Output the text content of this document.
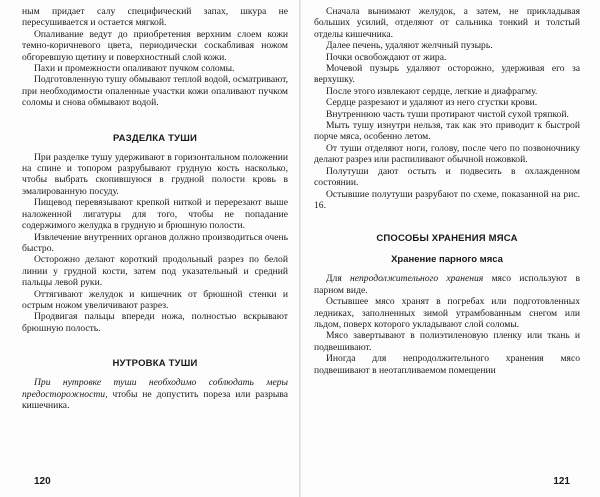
ным придает салу специфический запах, шкура не пересушивается и остается мягкой.

Опаливание ведут до приобретения верхним слоем кожи темно-коричневого цвета, периодически соскабливая ножом обгоревшую щетину и поверхностный слой кожи.

Пахи и промежности опаливают пучком соломы.

Подготовленную тушу обмывают теплой водой, осматривают, при необходимости опаленные участки кожи опаливают пучком соломы и снова обмывают водой.

РАЗДЕЛКА ТУШИ

При разделке тушу удерживают в горизонтальном положении на спине и топором разрубывают грудную кость насколько, чтобы выбрать скопившуюся в грудной полости кровь в эмалированную посуду.

Пищевод перевязывают крепкой ниткой и перерезают выше наложенной лигатуры для того, чтобы не попадание содержимого желудка в грудную и брюшную полости.

Извлечение внутренних органов должно производиться очень быстро.

Осторожно делают короткий продольный разрез по белой линии у грудной кости, затем под указательный и средний пальцы левой руки.

Оттягивают желудок и кишечник от брюшной стенки и острым ножом увеличивают разрез.

Продвигая пальцы впереди ножа, полностью вскрывают брюшную полость.

НУТРОВКА ТУШИ

При нутровке туши необходимо соблюдать меры предосторожности, чтобы не допустить пореза или разрыва кишечника.

120

Сначала вынимают желудок, а затем, не прикладывая больших усилий, отделяют от сальника тонкий и толстый отделы кишечника.

Далее печень, удаляют желчный пузырь.

Почки освобождают от жира.

Мочевой пузырь удаляют осторожно, удерживая его за верхушку.

После этого извлекают сердце, легкие и диафрагму.

Сердце разрезают и удаляют из него сгустки крови.

Внутреннюю часть туши протирают чистой сухой тряпкой.

Мыть тушу изнутри нельзя, так как это приводит к быстрой порче мяса, особенно летом.

От туши отделяют ноги, голову, после чего по позвоночнику делают разрез или распиливают обычной ножовкой.

Полутуши дают остыть и подвесить в охлажденном состоянии.

Остывшие полутуши разрубают по схеме, показанной на рис. 16.

СПОСОБЫ ХРАНЕНИЯ МЯСА
Хранение парного мяса

Для непродолжительного хранения мясо используют в парном виде.

Остывшее мясо хранят в погребах или подготовленных ледниках, заполненных зимой утрамбованным снегом или льдом, поверх которого укладывают слой соломы.

Мясо завертывают в полиэтиленовую пленку или ткань и подвешивают.

Иногда для непродолжительного хранения мясо подвешивают в неотапливаемом помещении

121
